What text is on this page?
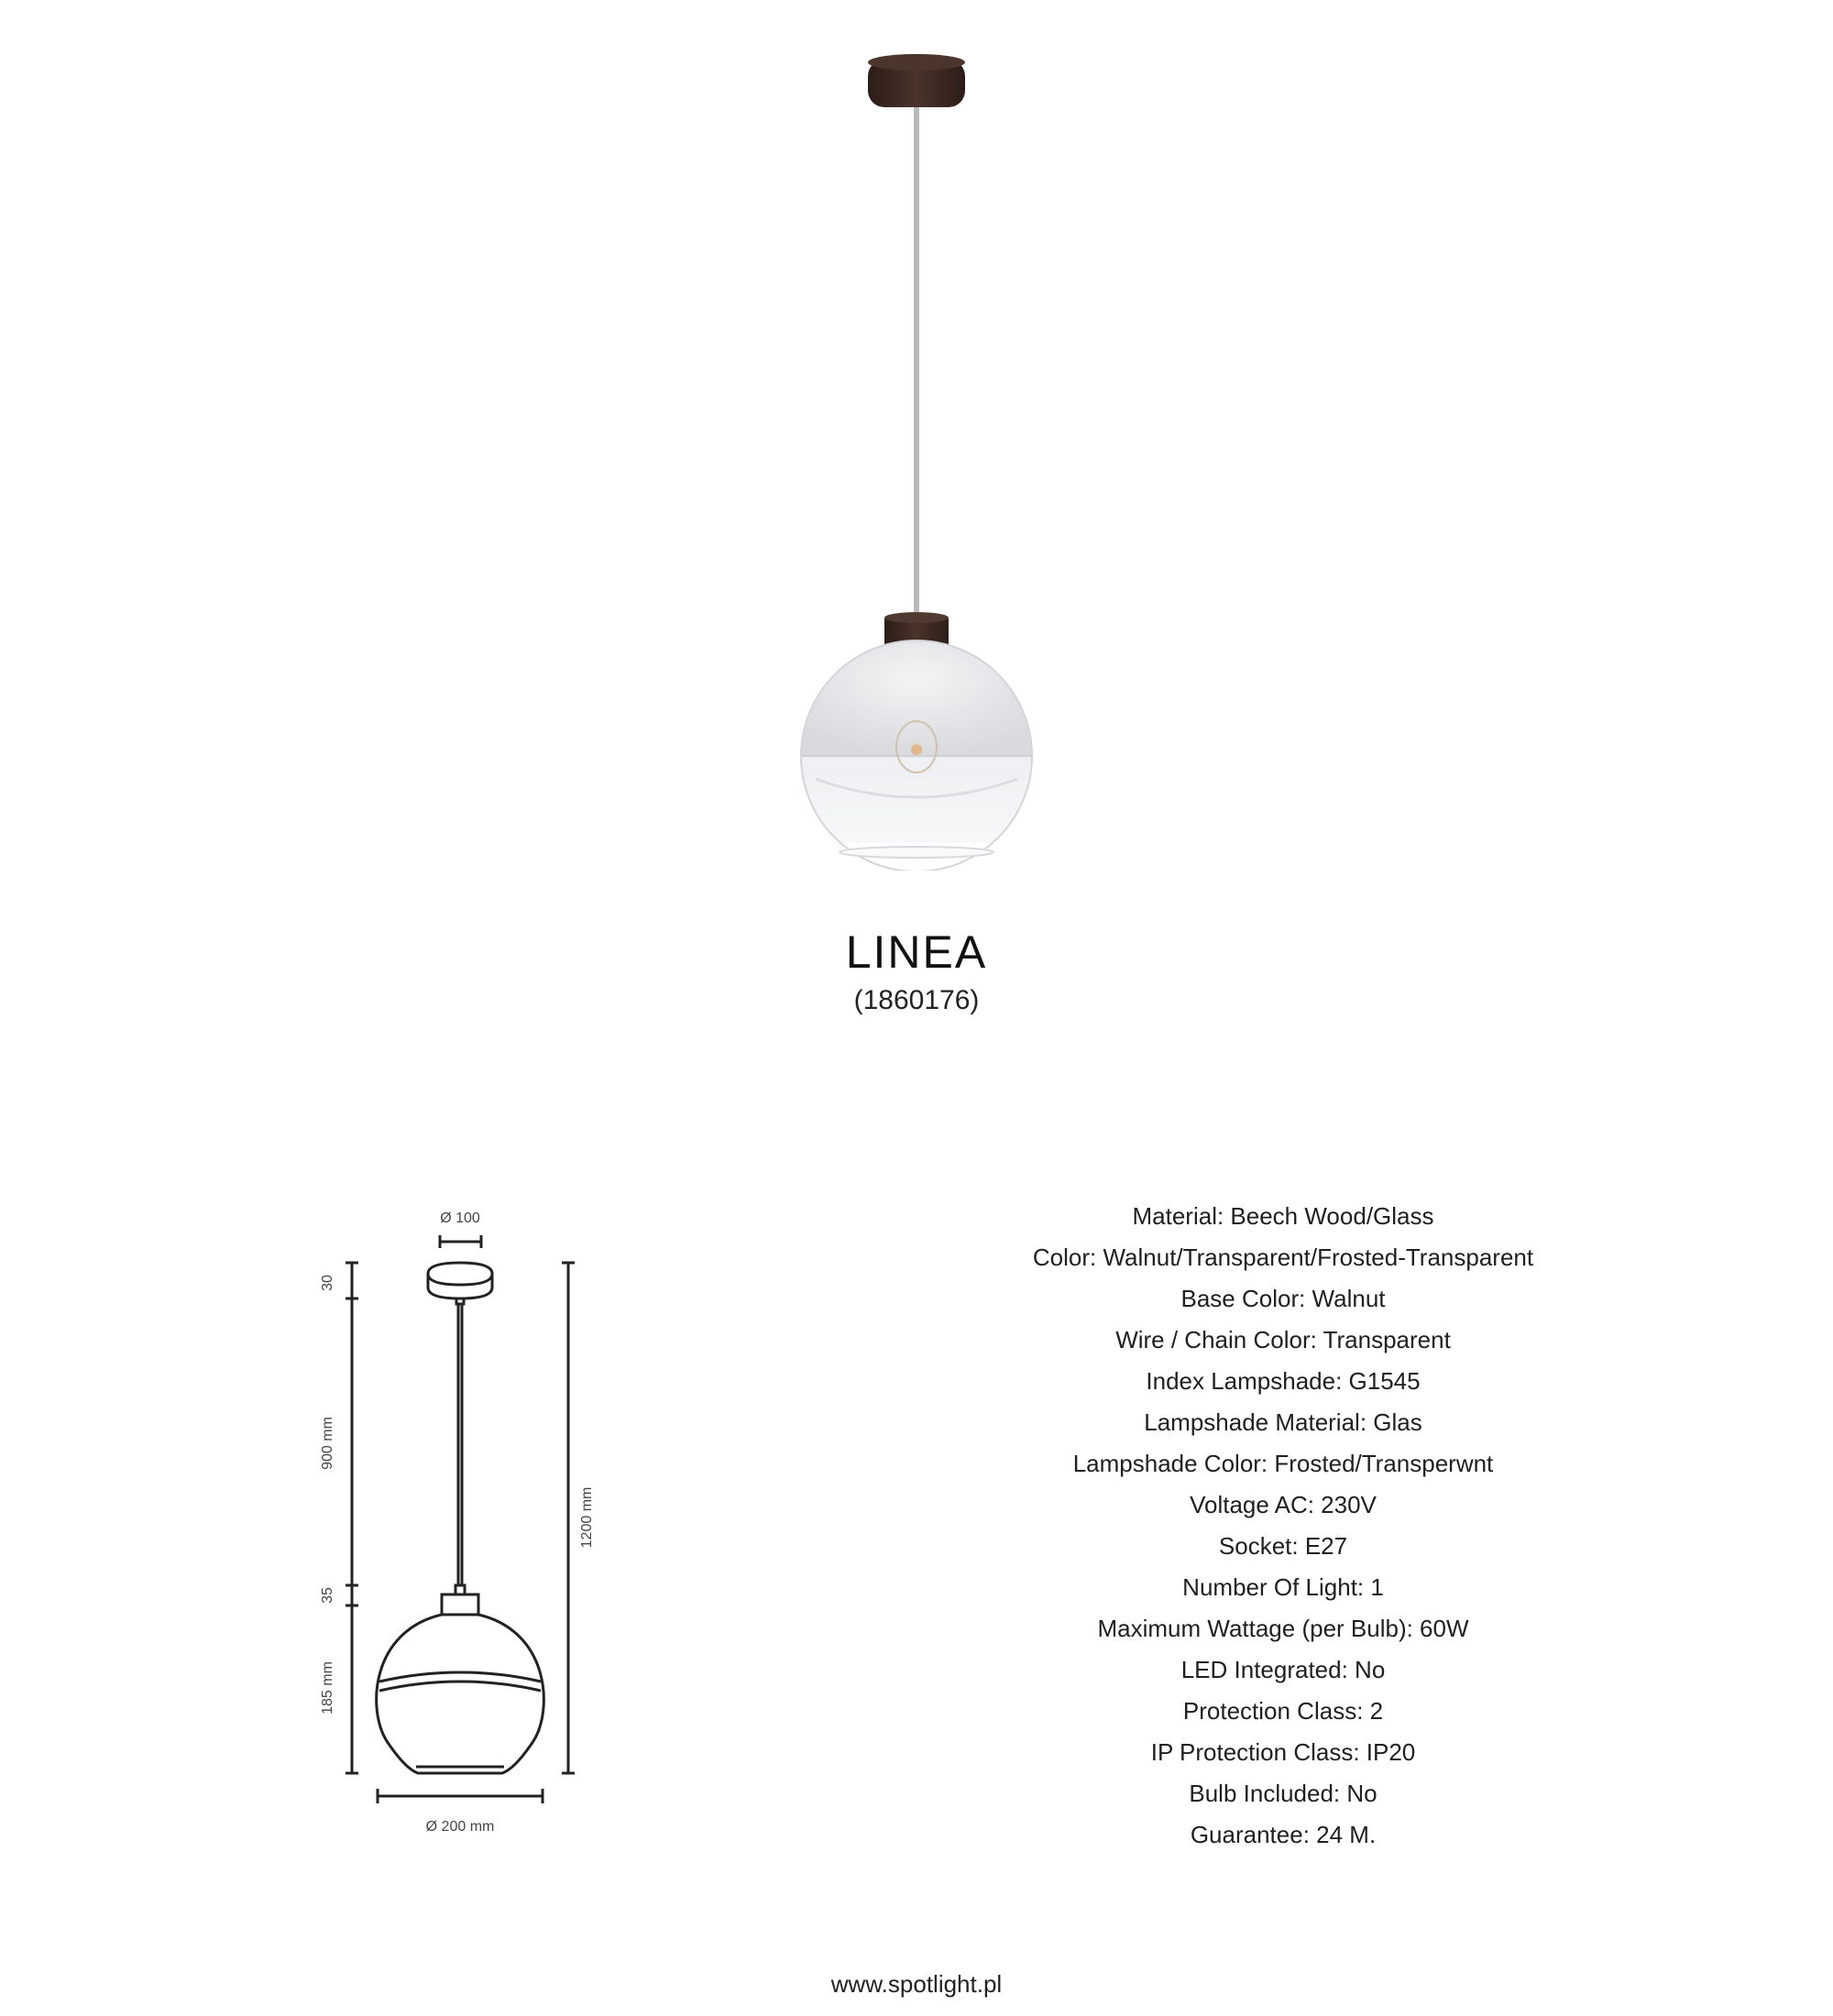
LINEA
(1860176)
Ø 100
Ø 200 mm
30
900 mm
35
185 mm
1200 mm
Material: Beech Wood/Glass
Color: Walnut/Transparent/Frosted-Transparent
Base Color: Walnut
Wire / Chain Color: Transparent
Index Lampshade: G1545
Lampshade Material: Glas
Lampshade Color: Frosted/Transperwnt
Voltage AC: 230V
Socket: E27
Number Of Light: 1
Maximum Wattage (per Bulb): 60W
LED Integrated: No
Protection Class: 2
IP Protection Class: IP20
Bulb Included: No
Guarantee: 24 M.
www.spotlight.pl
